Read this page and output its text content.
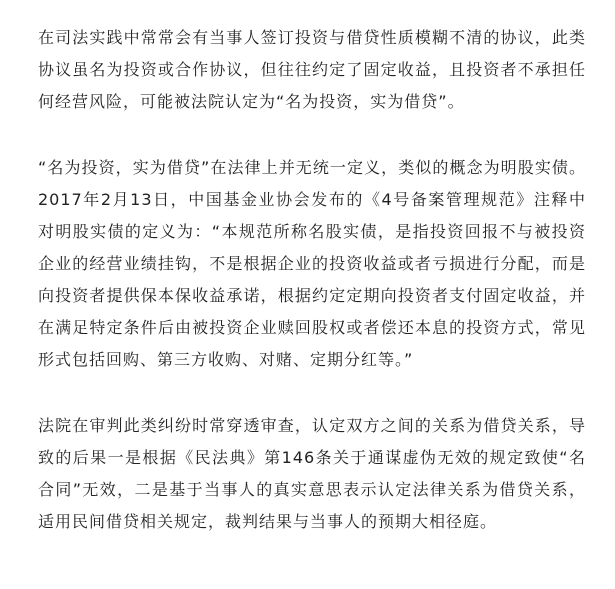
在司法实践中常常会有当事人签订投资与借贷性质模糊不清的协议，此类协议虽名为投资或合作协议，但往往约定了固定收益，且投资者不承担任何经营风险，可能被法院认定为“名为投资，实为借贷”。

“名为投资，实为借贷”在法律上并无统一定义，类似的概念为明股实债。2017年2月13日，中国基金业协会发布的《4号备案管理规范》注释中对明股实债的定义为：“本规范所称名股实债，是指投资回报不与被投资企业的经营业绩挂钩，不是根据企业的投资收益或者亏损进行分配，而是向投资者提供保本保收益承诺，根据约定定期向投资者支付固定收益，并在满足特定条件后由被投资企业赎回股权或者偿还本息的投资方式，常见形式包括回购、第三方收购、对赌、定期分红等。”

法院在审判此类纠纷时常穿透审查，认定双方之间的关系为借贷关系，导致的后果一是根据《民法典》第146条关于通谋虚伪无效的规定致使“名合同”无效，二是基于当事人的真实意思表示认定法律关系为借贷关系，适用民间借贷相关规定，裁判结果与当事人的预期大相径庭。
